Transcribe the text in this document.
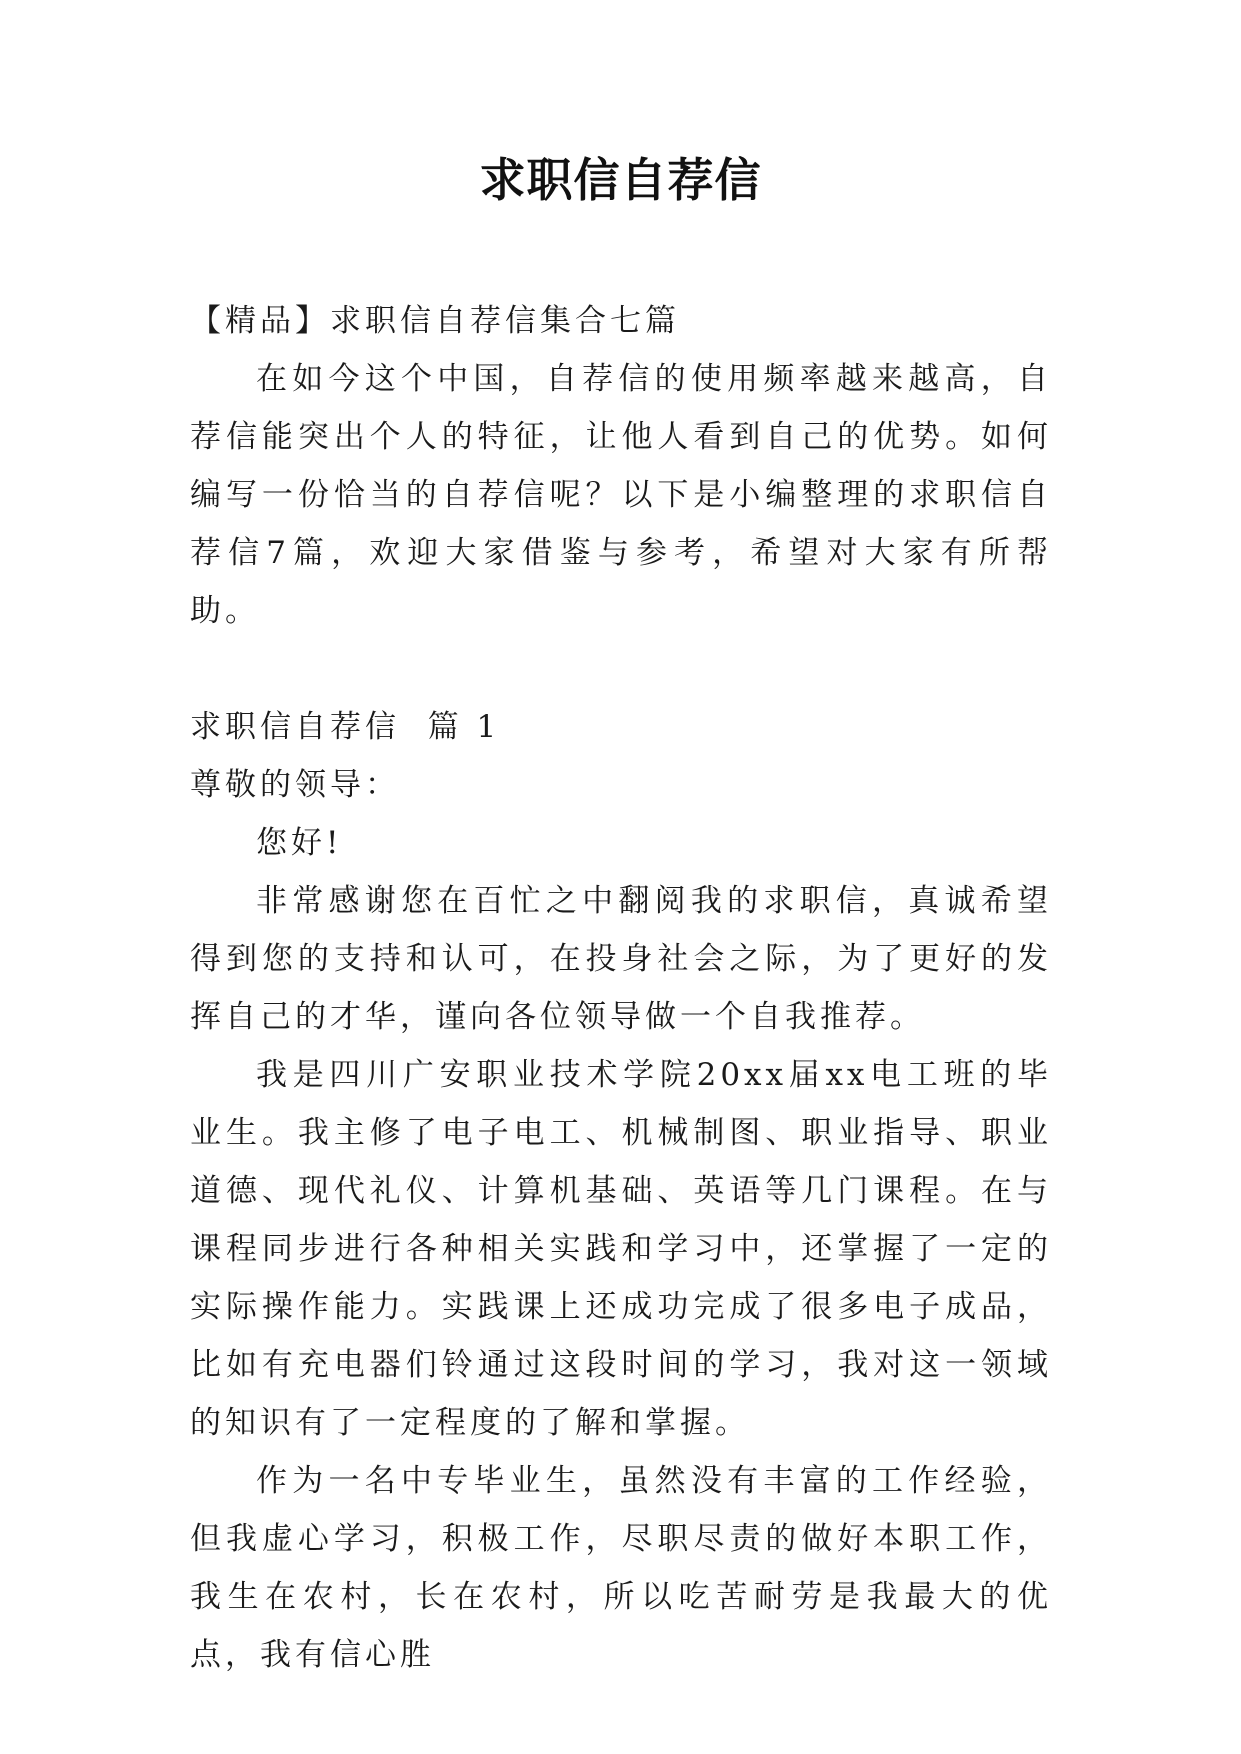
求职信自荐信

【精品】求职信自荐信集合七篇

在如今这个中国，自荐信的使用频率越来越高，自荐信能突出个人的特征，让他人看到自己的优势。如何编写一份恰当的自荐信呢？以下是小编整理的求职信自荐信7篇，欢迎大家借鉴与参考，希望对大家有所帮助。

求职信自荐信  篇 1

尊敬的领导：

您好!

非常感谢您在百忙之中翻阅我的求职信，真诚希望得到您的支持和认可，在投身社会之际，为了更好的发挥自己的才华，谨向各位领导做一个自我推荐。

我是四川广安职业技术学院20xx届xx电工班的毕业生。我主修了电子电工、机械制图、职业指导、职业道德、现代礼仪、计算机基础、英语等几门课程。在与课程同步进行各种相关实践和学习中，还掌握了一定的实际操作能力。实践课上还成功完成了很多电子成品，比如有充电器们铃通过这段时间的学习，我对这一领域的知识有了一定程度的了解和掌握。

作为一名中专毕业生，虽然没有丰富的工作经验，但我虚心学习，积极工作，尽职尽责的做好本职工作，我生在农村，长在农村，所以吃苦耐劳是我最大的优点，我有信心胜
